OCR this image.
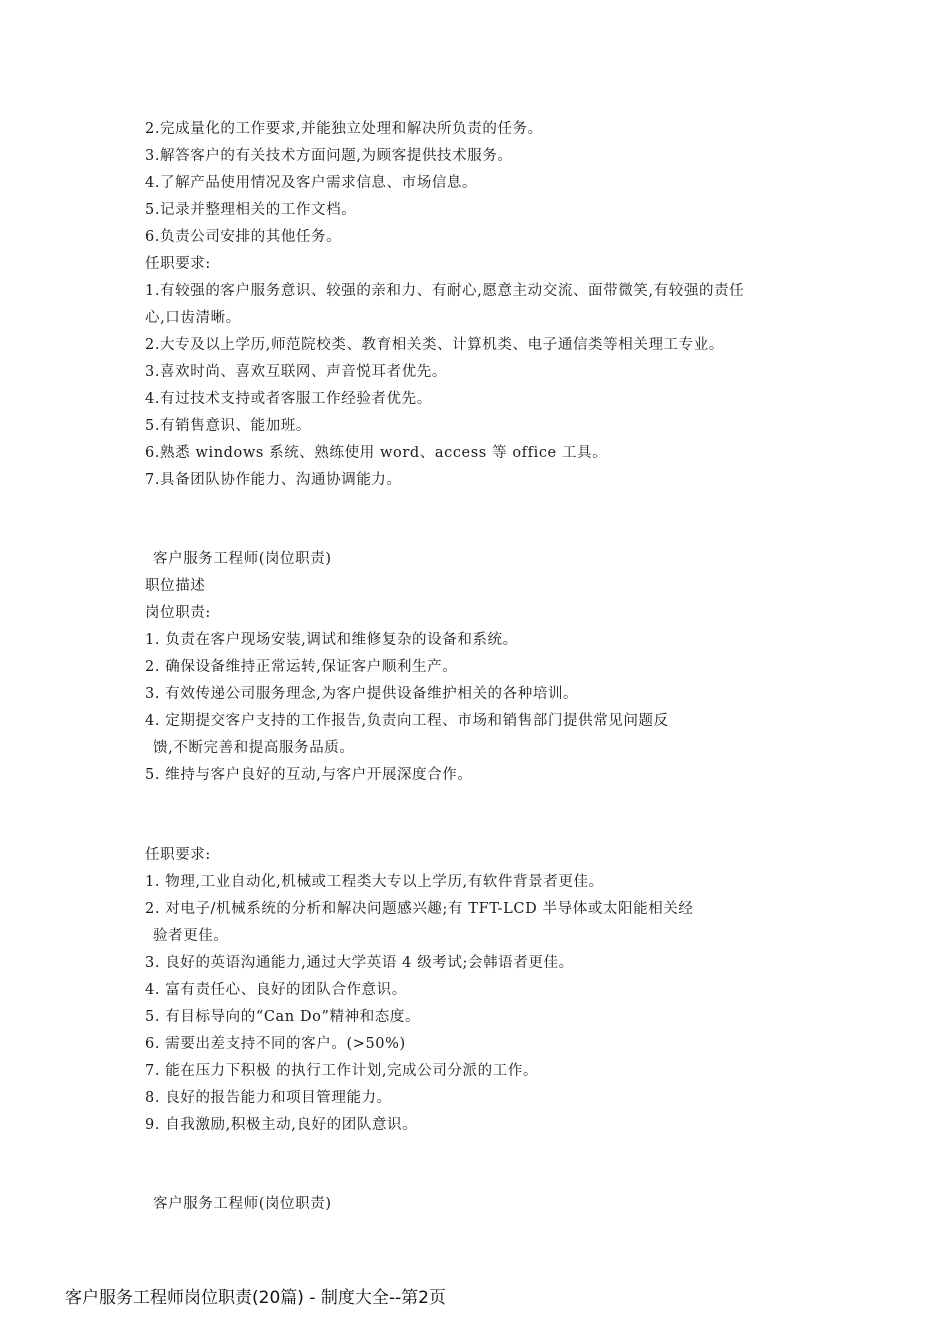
2.完成量化的工作要求,并能独立处理和解决所负责的任务。
3.解答客户的有关技术方面问题,为顾客提供技术服务。
4.了解产品使用情况及客户需求信息、市场信息。
5.记录并整理相关的工作文档。
6.负责公司安排的其他任务。
任职要求:
1.有较强的客户服务意识、较强的亲和力、有耐心,愿意主动交流、面带微笑,有较强的责任
心,口齿清晰。
2.大专及以上学历,师范院校类、教育相关类、计算机类、电子通信类等相关理工专业。
3.喜欢时尚、喜欢互联网、声音悦耳者优先。
4.有过技术支持或者客服工作经验者优先。
5.有销售意识、能加班。
6.熟悉 windows 系统、熟练使用 word、access 等 office 工具。
7.具备团队协作能力、沟通协调能力。
客户服务工程师(岗位职责)
职位描述
岗位职责:
1. 负责在客户现场安装,调试和维修复杂的设备和系统。
2. 确保设备维持正常运转,保证客户顺利生产。
3. 有效传递公司服务理念,为客户提供设备维护相关的各种培训。
4. 定期提交客户支持的工作报告,负责向工程、市场和销售部门提供常见问题反
馈,不断完善和提高服务品质。
5. 维持与客户良好的互动,与客户开展深度合作。
任职要求:
1. 物理,工业自动化,机械或工程类大专以上学历,有软件背景者更佳。
2. 对电子/机械系统的分析和解决问题感兴趣;有 TFT-LCD 半导体或太阳能相关经
验者更佳。
3. 良好的英语沟通能力,通过大学英语 4 级考试;会韩语者更佳。
4. 富有责任心、良好的团队合作意识。
5. 有目标导向的“Can Do”精神和态度。
6. 需要出差支持不同的客户。(>50%)
7. 能在压力下积极 的执行工作计划,完成公司分派的工作。
8. 良好的报告能力和项目管理能力。
9. 自我激励,积极主动,良好的团队意识。
客户服务工程师(岗位职责)
客户服务工程师岗位职责(20篇) - 制度大全--第2页
